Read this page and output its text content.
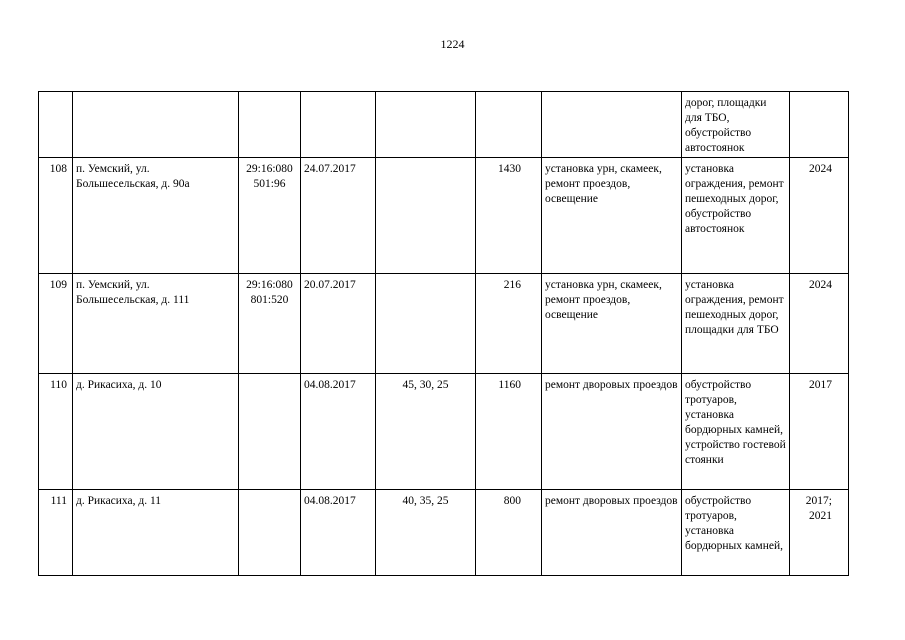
1224
							дорог, площадки для ТБО, обустройство автостоянок	
108	п. Уемский, ул. Большесельская, д. 90а	29:16:080 501:96	24.07.2017		1430	установка урн, скамеек, ремонт проездов, освещение	установка ограждения, ремонт пешеходных дорог, обустройство автостоянок	2024
109	п. Уемский, ул. Большесельская, д. 111	29:16:080 801:520	20.07.2017		216	установка урн, скамеек, ремонт проездов, освещение	установка ограждения, ремонт пешеходных дорог, площадки для ТБО	2024
110	д. Рикасиха, д. 10		04.08.2017	45, 30, 25	1160	ремонт дворовых проездов	обустройство тротуаров, установка бордюрных камней, устройство гостевой стоянки	2017
111	д. Рикасиха, д. 11		04.08.2017	40, 35, 25	800	ремонт дворовых проездов	обустройство тротуаров, установка бордюрных камней,	2017; 2021
